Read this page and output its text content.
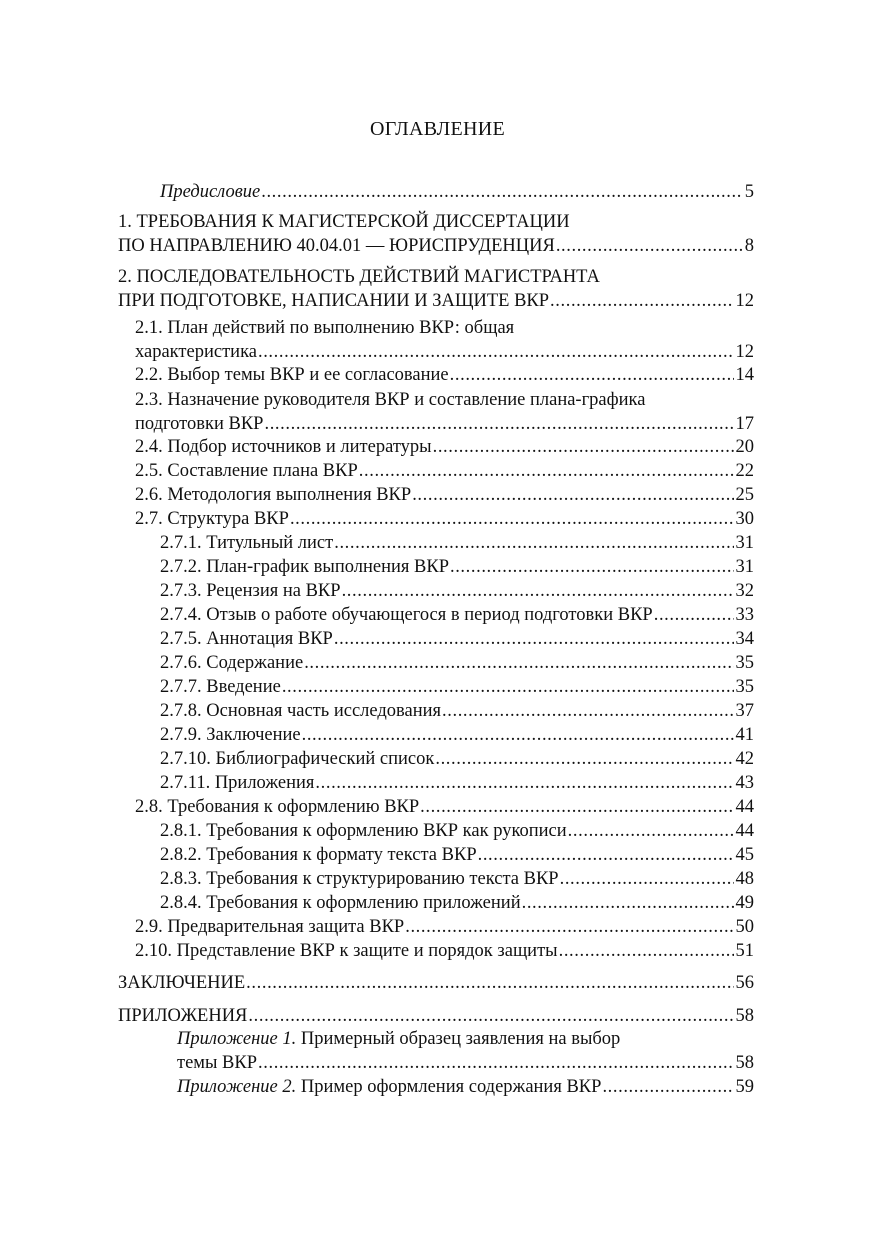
ОГЛАВЛЕНИЕ
Предисловие .....	5
1. ТРЕБОВАНИЯ К МАГИСТЕРСКОЙ ДИССЕРТАЦИИ
ПО НАПРАВЛЕНИЮ 40.04.01 — ЮРИСПРУДЕНЦИЯ .....	8
2. ПОСЛЕДОВАТЕЛЬНОСТЬ ДЕЙСТВИЙ МАГИСТРАНТА
ПРИ ПОДГОТОВКЕ, НАПИСАНИИ И ЗАЩИТЕ ВКР .....	12
2.1. План действий по выполнению ВКР: общая
характеристика .....	12
2.2. Выбор темы ВКР и ее согласование .....	14
2.3. Назначение руководителя ВКР и составление плана-графика
подготовки ВКР .....	17
2.4. Подбор источников и литературы .....	20
2.5. Составление плана ВКР .....	22
2.6. Методология выполнения ВКР .....	25
2.7. Структура ВКР .....	30
2.7.1. Титульный лист .....	31
2.7.2. План-график выполнения ВКР .....	31
2.7.3. Рецензия на ВКР .....	32
2.7.4. Отзыв о работе обучающегося в период подготовки ВКР .....	33
2.7.5. Аннотация ВКР .....	34
2.7.6. Содержание .....	35
2.7.7. Введение .....	35
2.7.8. Основная часть исследования .....	37
2.7.9. Заключение .....	41
2.7.10. Библиографический список .....	42
2.7.11. Приложения .....	43
2.8. Требования к оформлению ВКР .....	44
2.8.1. Требования к оформлению ВКР как рукописи .....	44
2.8.2. Требования к формату текста ВКР .....	45
2.8.3. Требования к структурированию текста ВКР .....	48
2.8.4. Требования к оформлению приложений .....	49
2.9. Предварительная защита ВКР .....	50
2.10. Представление ВКР к защите и порядок защиты .....	51
ЗАКЛЮЧЕНИЕ .....	56
ПРИЛОЖЕНИЯ .....	58
Приложение 1. Примерный образец заявления на выбор
темы ВКР .....	58
Приложение 2. Пример оформления содержания ВКР .....	59
